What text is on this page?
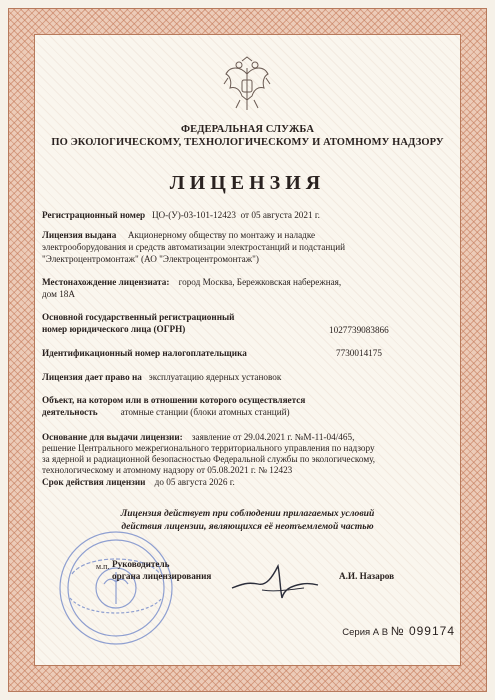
ФЕДЕРАЛЬНАЯ СЛУЖБА
ПО ЭКОЛОГИЧЕСКОМУ, ТЕХНОЛОГИЧЕСКОМУ И АТОМНОМУ НАДЗОРУ
ЛИЦЕНЗИЯ
Регистрационный номер ЦО-(У)-03-101-12423 от 05 августа 2021 г.
Лицензия выдана Акционерному обществу по монтажу и наладке
электрооборудования и средств автоматизации электростанций и подстанций
"Электроцентромонтаж" (АО "Электроцентромонтаж")
Местонахождение лицензиата: город Москва, Бережковская набережная,
дом 18А
Основной государственный регистрационный
номер юридического лица (ОГРН)	1027739083866
Идентификационный номер налогоплательщика	7730014175
Лицензия дает право на эксплуатацию ядерных установок
Объект, на котором или в отношении которого осуществляется
деятельность атомные станции (блоки атомных станций)
Основание для выдачи лицензии: заявление от 29.04.2021 г. №М-11-04/465,
решение Центрального межрегионального территориального управления по надзору
за ядерной и радиационной безопасностью Федеральной службы по экологическому,
технологическому и атомному надзору от 05.08.2021 г. № 12423
Срок действия лицензии до 05 августа 2026 г.
Лицензия действует при соблюдении прилагаемых условий
действия лицензии, являющихся её неотъемлемой частью
м.п. Руководитель
органа лицензирования	А.И. Назаров
Серия А В № 099174
